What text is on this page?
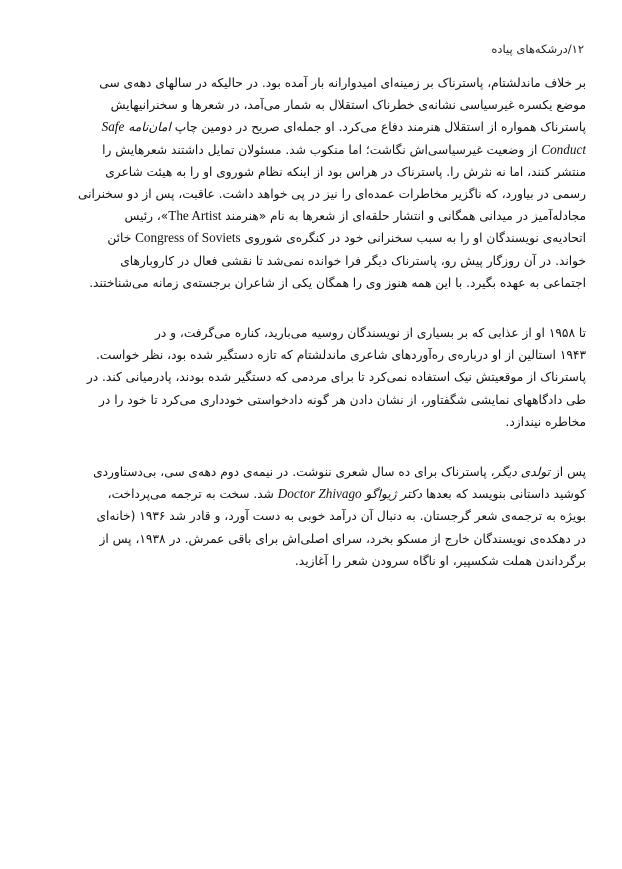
۱۲/درشکه‌های پیاده
بر خلاف ماندلشتام، پاسترناک بر زمینه‌ای امیدوارانه بار آمده بود. در حالیکه در سالهای دهه‌ی سی
موضع یکسره غیرسیاسی نشانه‌ی خطرناک استقلال به شمار می‌آمد، در شعرها و سخنرانیهایش
پاسترناک همواره از استقلال هنرمند دفاع می‌کرد. او جمله‌ای صریح در دومین چاپ امان‌نامه Safe
Conduct از وضعیت غیرسیاسی‌اش نگاشت؛ اما منکوب شد. مسئولان تمایل داشتند شعرهایش را
منتشر کنند، اما نه نثرش را. پاسترناک در هراس بود از اینکه نظام شوروی او را به هیئت شاعری
رسمی در بیاورد، که ناگزیر مخاطرات عمده‌ای را نیز در پی خواهد داشت. عاقبت، پس از دو سخنرانی
مجادله‌آمیز در میدانی همگانی و انتشار حلقه‌ای از شعرها به نام «هنرمند The Artist»، رئیس
اتحادیه‌ی نویسندگان او را به سبب سخنرانی خود در کنگره‌ی شوروی Congress of Soviets خائن
خواند. در آن روزگار پیش رو، پاسترناک دیگر فرا خوانده نمی‌شد تا نقشی فعال در کاروبارهای
اجتماعی به عهده بگیرد. با این همه هنوز وی را همگان یکی از شاعران برجسته‌ی زمانه می‌شناختند.
تا ۱۹۵۸ او از عذابی که بر بسیاری از نویسندگان روسیه می‌بارید، کناره می‌گرفت، و در
۱۹۴۳ استالین از او درباره‌ی ره‌آوردهای شاعری ماندلشتام که تازه دستگیر شده بود، نظر خواست.
پاسترناک از موقعیتش نیک استفاده نمی‌کرد تا برای مردمی که دستگیر شده بودند، پادرمیانی کند. در
طی دادگاههای نمایشی شگفتاور، از نشان دادن هر گونه دادخواستی خودداری می‌کرد تا خود را در
مخاطره نیندازد.
پس از تولدی دیگر، پاسترناک برای ده سال شعری ننوشت. در نیمه‌ی دوم دهه‌ی سی، بی‌دستاوردی
کوشید داستانی بنویسد که بعدها دکتر ژیواگو Doctor Zhivago شد. سخت به ترجمه می‌پرداخت،
بویژه به ترجمه‌ی شعر گرجستان. به دنبال آن درآمد خوبی به دست آورد، و قادر شد ۱۹۳۶ (خانه‌ای
در دهکده‌ی نویسندگان خارج از مسکو بخرد، سرای اصلی‌اش برای باقی عمرش. در ۱۹۳۸، پس از
برگرداندن هملت شکسپیر، او ناگاه سرودن شعر را آغازید.
